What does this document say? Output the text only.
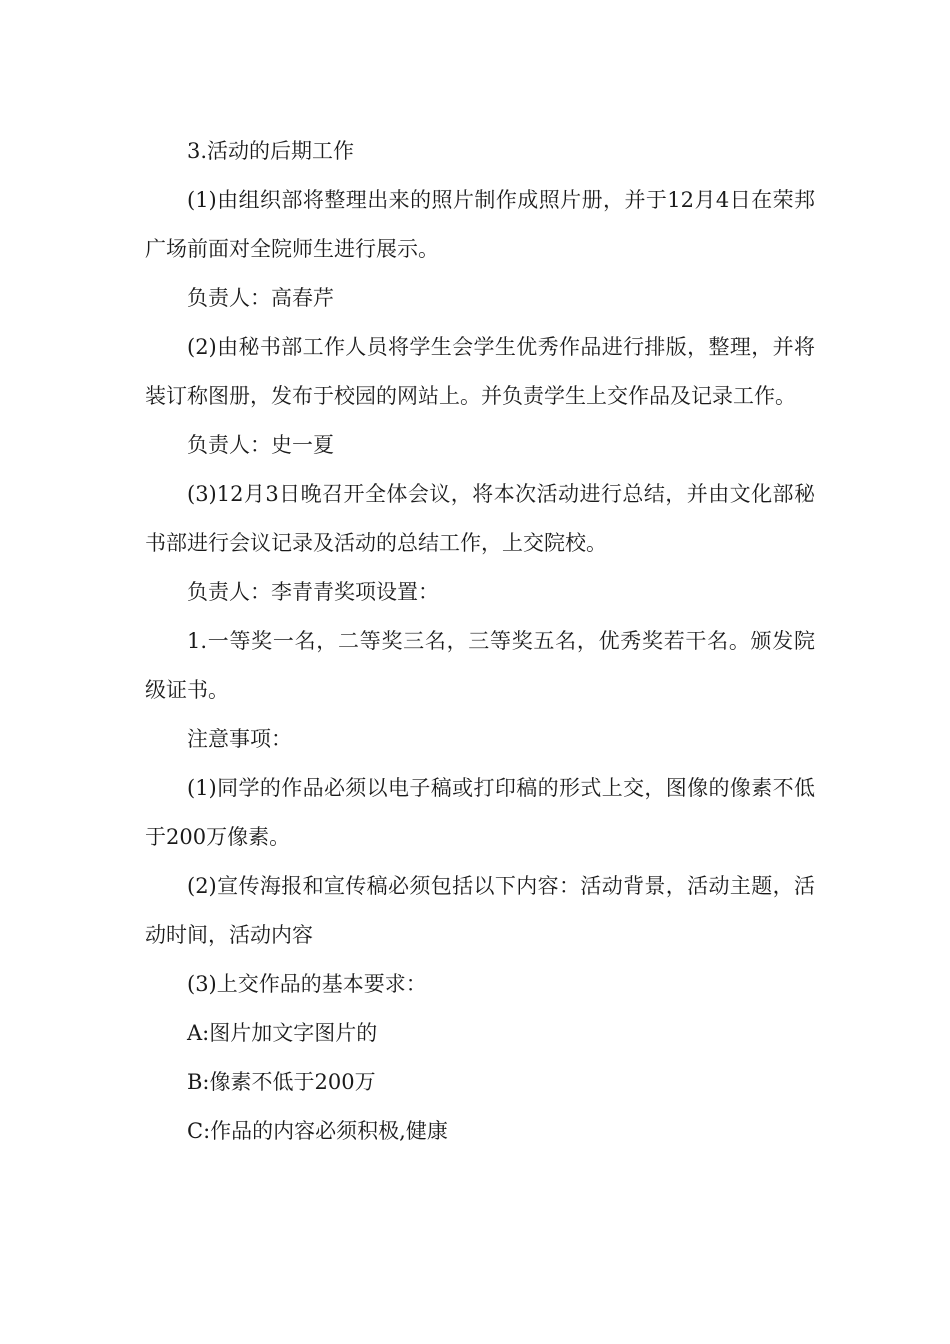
3.活动的后期工作

(1)由组织部将整理出来的照片制作成照片册，并于12月4日在荣邦广场前面对全院师生进行展示。

负责人：高春芹

(2)由秘书部工作人员将学生会学生优秀作品进行排版，整理，并将装订称图册，发布于校园的网站上。并负责学生上交作品及记录工作。

负责人：史一夏

(3)12月3日晚召开全体会议，将本次活动进行总结，并由文化部秘书部进行会议记录及活动的总结工作，上交院校。

负责人：李青青奖项设置：

1.一等奖一名，二等奖三名，三等奖五名，优秀奖若干名。颁发院级证书。

注意事项：

(1)同学的作品必须以电子稿或打印稿的形式上交，图像的像素不低于200万像素。

(2)宣传海报和宣传稿必须包括以下内容：活动背景，活动主题，活动时间，活动内容

(3)上交作品的基本要求：

A:图片加文字图片的

B:像素不低于200万

C:作品的内容必须积极,健康
